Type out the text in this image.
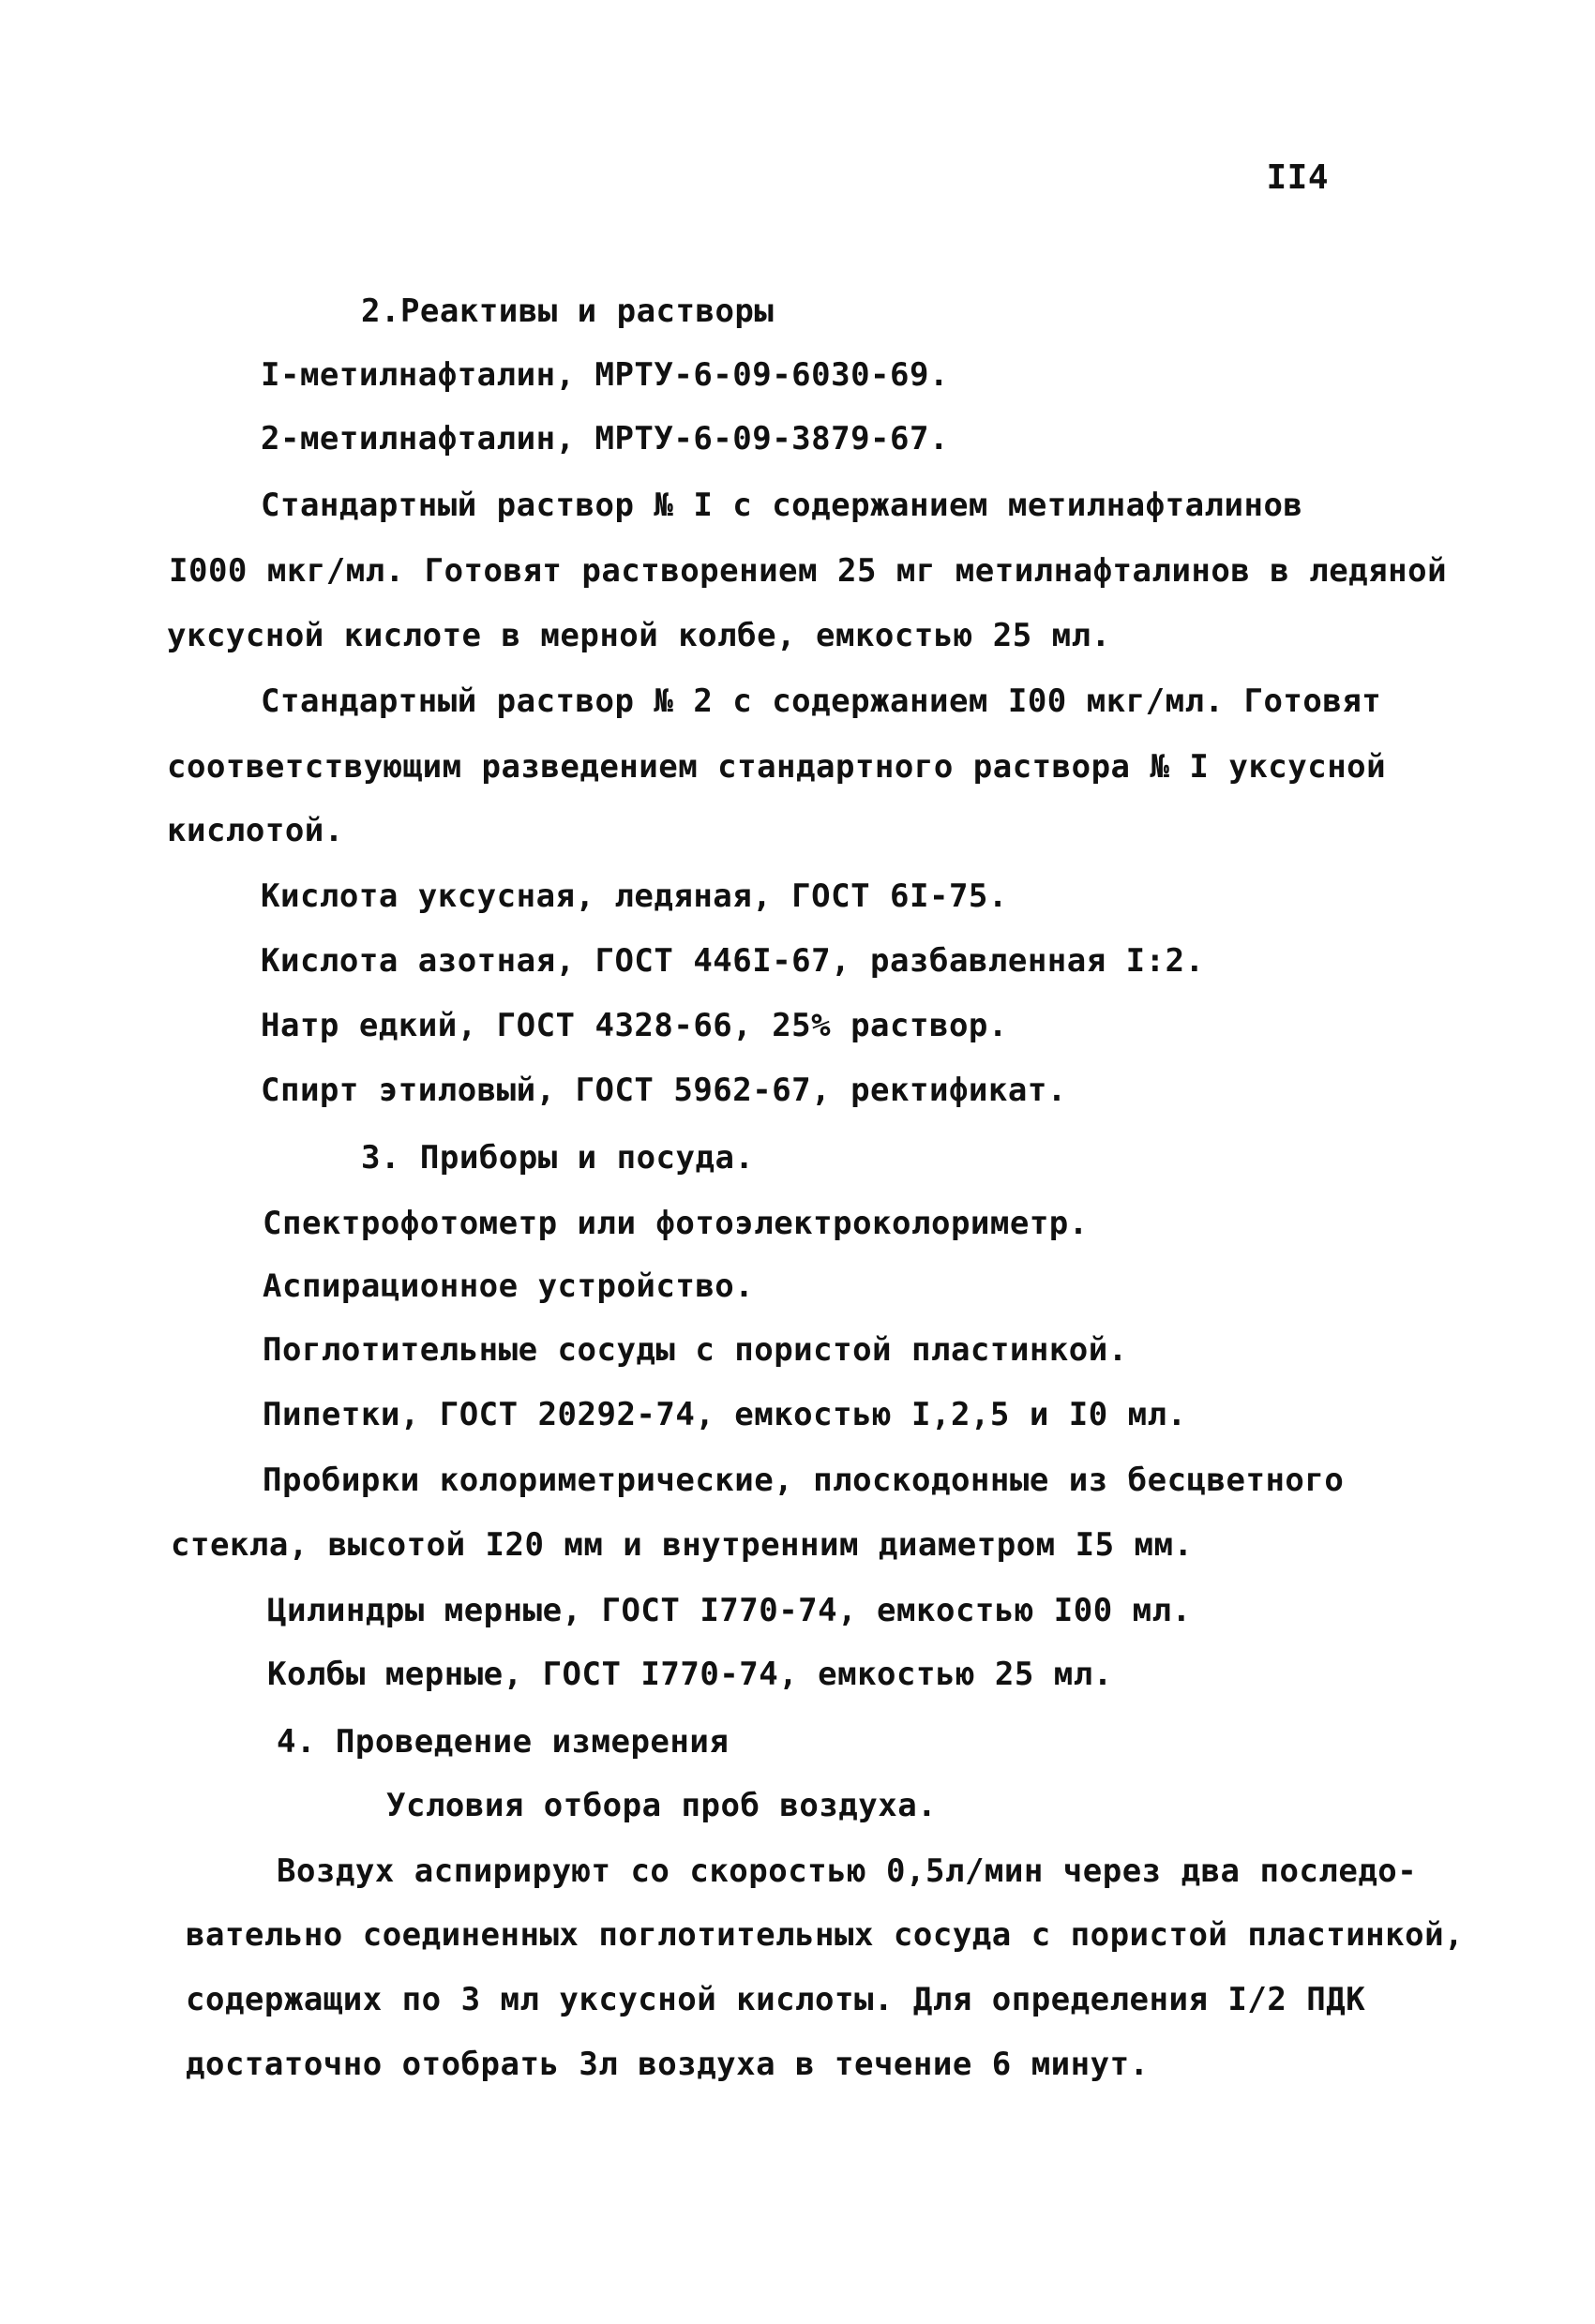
II4
2.Реактивы и растворы
I-метилнафталин, МРТУ-6-09-6030-69.
2-метилнафталин, МРТУ-6-09-3879-67.
Стандартный раствор № I с содержанием метилнафталинов
I000 мкг/мл. Готовят растворением 25 мг метилнафталинов в ледяной
уксусной кислоте в мерной колбе, емкостью 25 мл.
Стандартный раствор № 2 с содержанием I00 мкг/мл. Готовят
соответствующим разведением стандартного раствора № I уксусной
кислотой.
Кислота уксусная, ледяная, ГОСТ 6I-75.
Кислота азотная, ГОСТ 446I-67, разбавленная I:2.
Натр едкий, ГОСТ 4328-66, 25% раствор.
Спирт этиловый, ГОСТ 5962-67, ректификат.
3. Приборы и посуда.
Спектрофотометр или фотоэлектроколориметр.
Аспирационное устройство.
Поглотительные сосуды с пористой пластинкой.
Пипетки, ГОСТ 20292-74, емкостью I,2,5 и I0 мл.
Пробирки колориметрические, плоскодонные из бесцветного
стекла, высотой I20 мм и внутренним диаметром I5 мм.
Цилиндры мерные, ГОСТ I770-74, емкостью I00 мл.
Колбы мерные, ГОСТ I770-74, емкостью 25 мл.
4. Проведение измерения
Условия отбора проб воздуха.
Воздух аспирируют со скоростью 0,5л/мин через два последо-
вательно соединенных поглотительных сосуда с пористой пластинкой,
содержащих по 3 мл уксусной кислоты. Для определения I/2 ПДК
достаточно отобрать 3л воздуха в течение 6 минут.
